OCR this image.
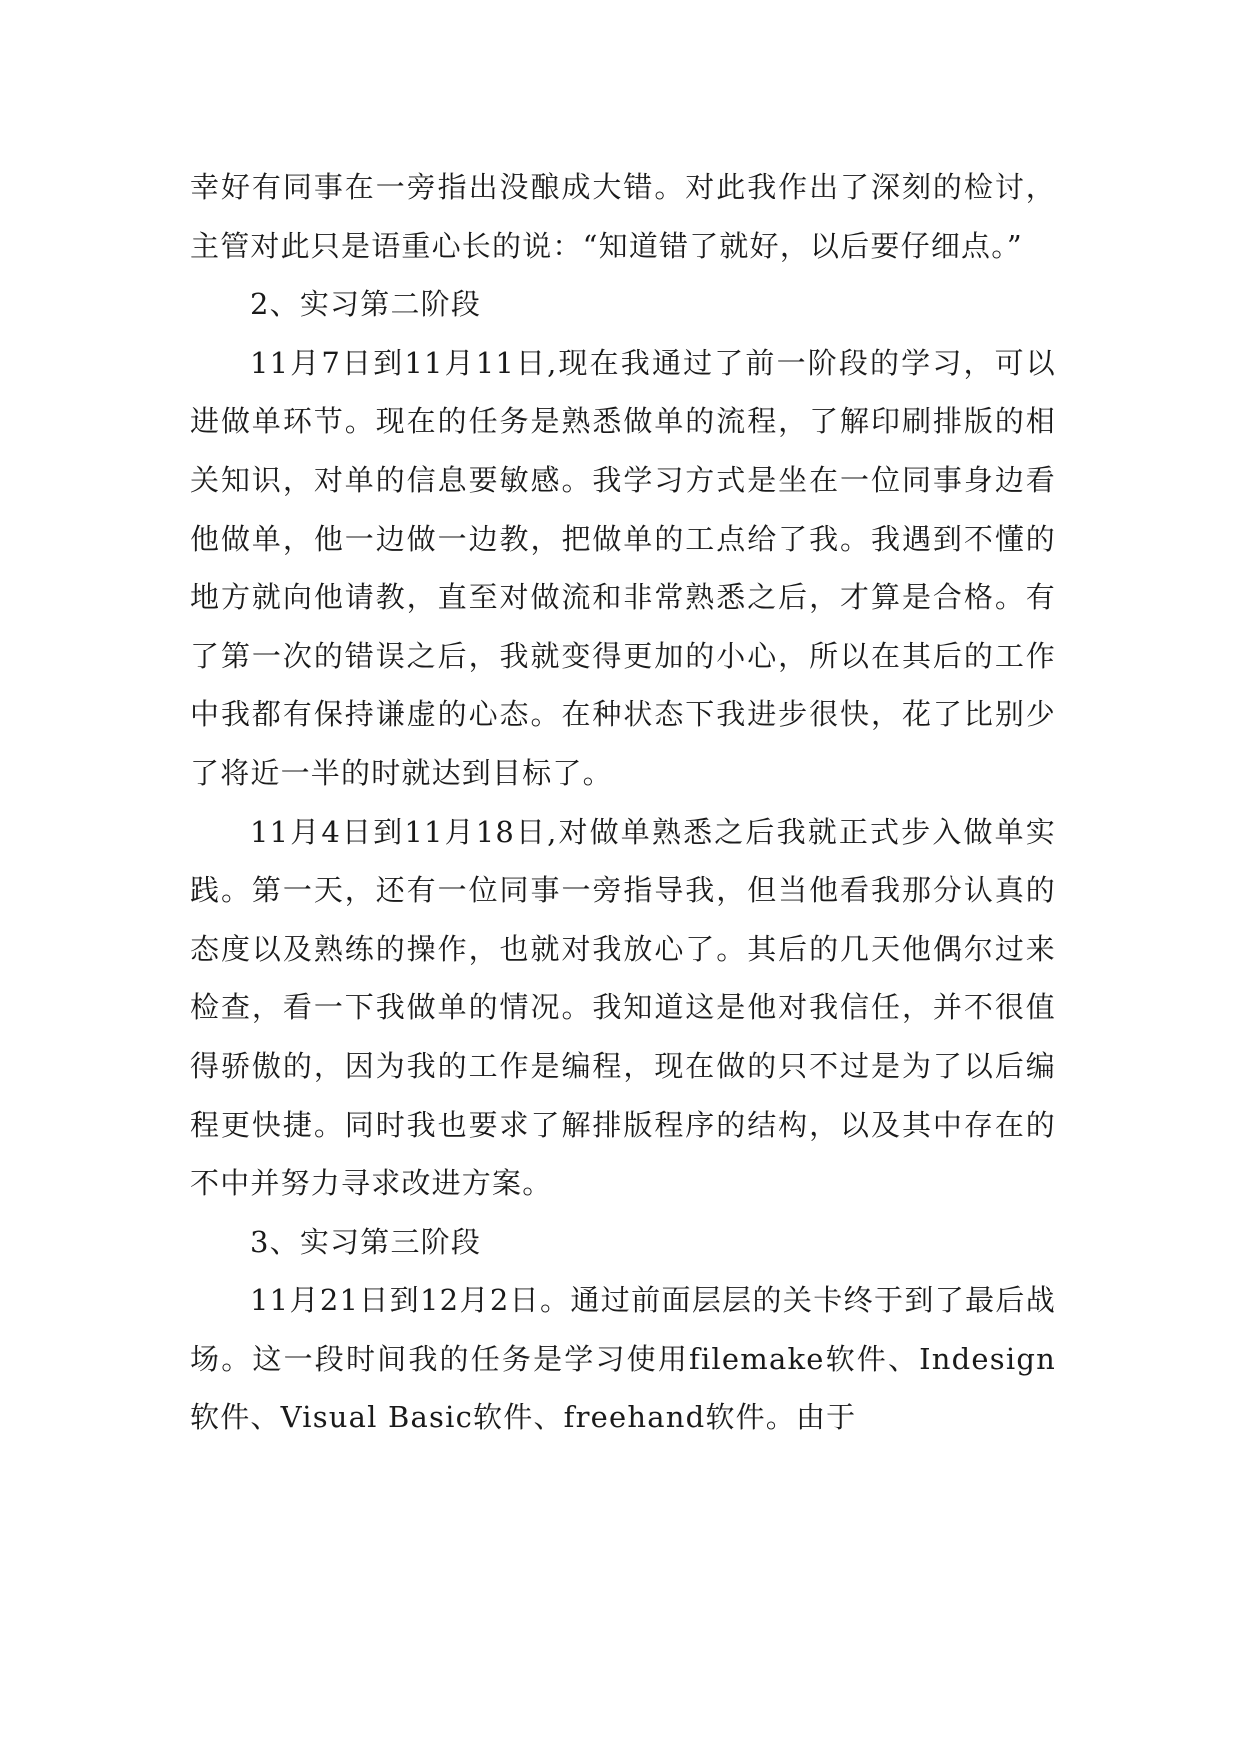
幸好有同事在一旁指出没酿成大错。对此我作出了深刻的检讨，主管对此只是语重心长的说：“知道错了就好，以后要仔细点。”

2、实习第二阶段

11月7日到11月11日,现在我通过了前一阶段的学习，可以进做单环节。现在的任务是熟悉做单的流程，了解印刷排版的相关知识，对单的信息要敏感。我学习方式是坐在一位同事身边看他做单，他一边做一边教，把做单的工点给了我。我遇到不懂的地方就向他请教，直至对做流和非常熟悉之后，才算是合格。有了第一次的错误之后，我就变得更加的小心，所以在其后的工作中我都有保持谦虚的心态。在种状态下我进步很快，花了比别少了将近一半的时就达到目标了。

11月4日到11月18日,对做单熟悉之后我就正式步入做单实践。第一天，还有一位同事一旁指导我，但当他看我那分认真的态度以及熟练的操作，也就对我放心了。其后的几天他偶尔过来检查，看一下我做单的情况。我知道这是他对我信任，并不很值得骄傲的，因为我的工作是编程，现在做的只不过是为了以后编程更快捷。同时我也要求了解排版程序的结构，以及其中存在的不中并努力寻求改进方案。

3、实习第三阶段

11月21日到12月2日。通过前面层层的关卡终于到了最后战场。这一段时间我的任务是学习使用filemake软件、Indesign软件、Visual Basic软件、freehand软件。由于
